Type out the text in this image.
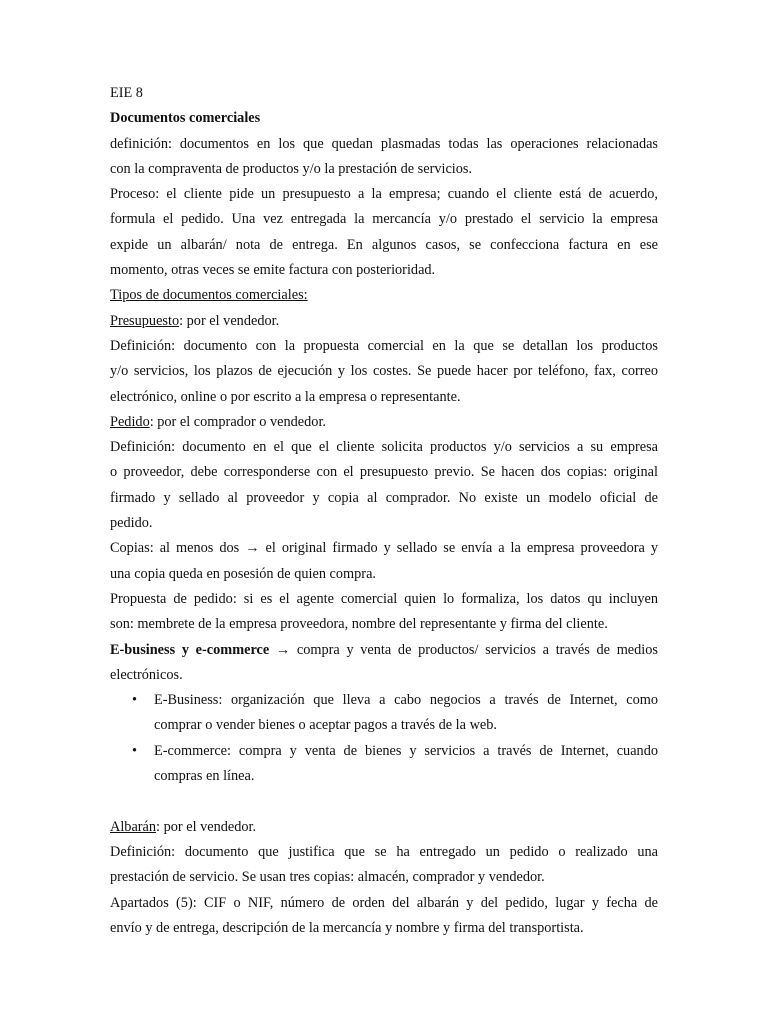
EIE 8
Documentos comerciales
definición: documentos en los que quedan plasmadas todas las operaciones relacionadas
con la compraventa de productos y/o la prestación de servicios.
Proceso: el cliente pide un presupuesto a la empresa; cuando el cliente está de acuerdo,
formula el pedido. Una vez entregada la mercancía y/o prestado el servicio la empresa
expide un albarán/ nota de entrega. En algunos casos, se confecciona factura en ese
momento, otras veces se emite factura con posterioridad.
Tipos de documentos comerciales:
Presupuesto: por el vendedor.
Definición: documento con la propuesta comercial en la que se detallan los productos
y/o servicios, los plazos de ejecución y los costes. Se puede hacer por teléfono, fax, correo
electrónico, online o por escrito a la empresa o representante.
Pedido: por el comprador o vendedor.
Definición: documento en el que el cliente solicita productos y/o servicios a su empresa
o proveedor, debe corresponderse con el presupuesto previo. Se hacen dos copias: original
firmado y sellado al proveedor y copia al comprador. No existe un modelo oficial de
pedido.
Copias: al menos dos → el original firmado y sellado se envía a la empresa proveedora y
una copia queda en posesión de quien compra.
Propuesta de pedido: si es el agente comercial quien lo formaliza, los datos qu incluyen
son: membrete de la empresa proveedora, nombre del representante y firma del cliente.
E-business y e-commerce → compra y venta de productos/ servicios a través de medios
electrónicos.
• E-Business: organización que lleva a cabo negocios a través de Internet, como
comprar o vender bienes o aceptar pagos a través de la web.
• E-commerce: compra y venta de bienes y servicios a través de Internet, cuando
compras en línea.
Albarán: por el vendedor.
Definición: documento que justifica que se ha entregado un pedido o realizado una
prestación de servicio. Se usan tres copias: almacén, comprador y vendedor.
Apartados (5): CIF o NIF, número de orden del albarán y del pedido, lugar y fecha de
envío y de entrega, descripción de la mercancía y nombre y firma del transportista.
